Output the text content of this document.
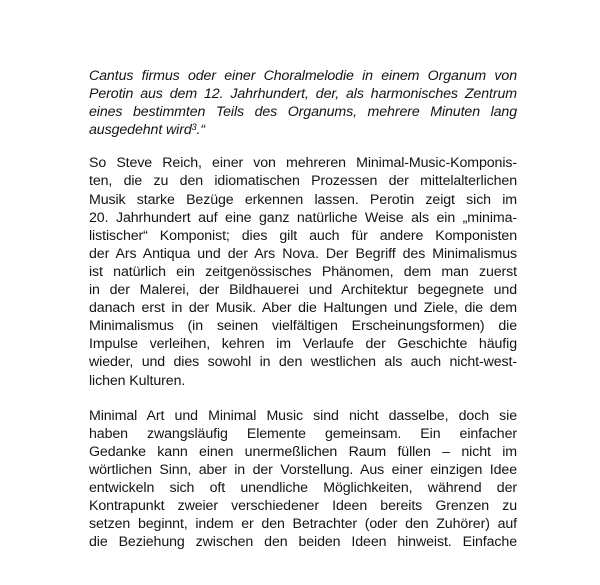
Cantus firmus oder einer Choralmelodie in einem Organum von
Perotin aus dem 12. Jahrhundert, der, als harmonisches Zentrum
eines bestimmten Teils des Organums, mehrere Minuten lang
ausgedehnt wird$^3$.“

So Steve Reich, einer von mehreren Minimal-Music-Komponis-
ten, die zu den idiomatischen Prozessen der mittelalterlichen
Musik starke Bezüge erkennen lassen. Perotin zeigt sich im
20. Jahrhundert auf eine ganz natürliche Weise als ein „minima-
listischer“ Komponist; dies gilt auch für andere Komponisten
der Ars Antiqua und der Ars Nova. Der Begriff des Minimalismus
ist natürlich ein zeitgenössisches Phänomen, dem man zuerst
in der Malerei, der Bildhauerei und Architektur begegnete und
danach erst in der Musik. Aber die Haltungen und Ziele, die dem
Minimalismus (in seinen vielfältigen Erscheinungsformen) die
Impulse verleihen, kehren im Verlaufe der Geschichte häufig
wieder, und dies sowohl in den westlichen als auch nicht-west-
lichen Kulturen.

Minimal Art und Minimal Music sind nicht dasselbe, doch sie
haben zwangsläufig Elemente gemeinsam. Ein einfacher
Gedanke kann einen unermeßlichen Raum füllen – nicht im
wörtlichen Sinn, aber in der Vorstellung. Aus einer einzigen Idee
entwickeln sich oft unendliche Möglichkeiten, während der
Kontrapunkt zweier verschiedener Ideen bereits Grenzen zu
setzen beginnt, indem er den Betrachter (oder den Zuhörer) auf
die Beziehung zwischen den beiden Ideen hinweist. Einfache
